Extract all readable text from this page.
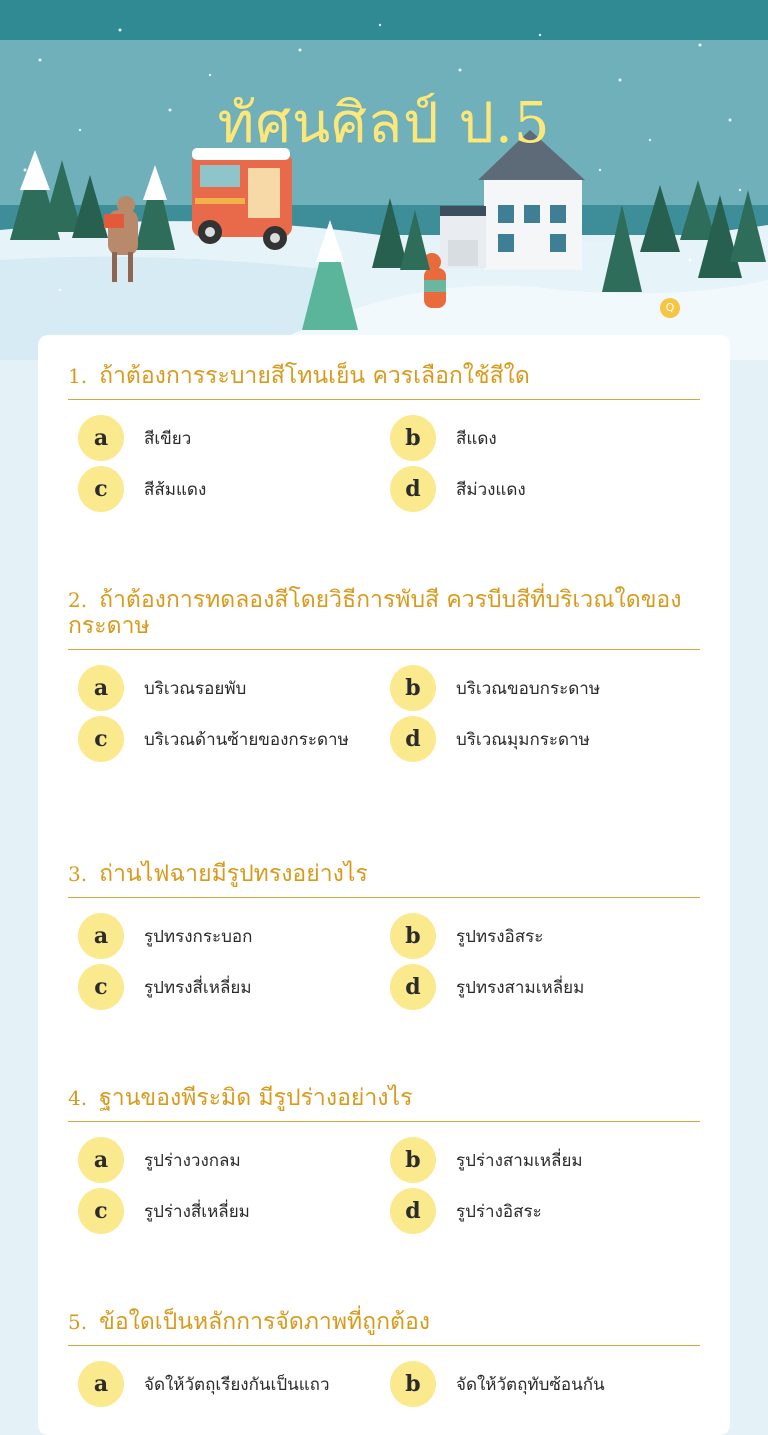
ทัศนศิลป์ ป.5
Q
1. ถ้าต้องการระบายสีโทนเย็น ควรเลือกใช้สีใด
a	สีเขียว	b	สีแดง
c	สีส้มแดง	d	สีม่วงแดง
2. ถ้าต้องการทดลองสีโดยวิธีการพับสี ควรบีบสีที่บริเวณใดของกระดาษ
a	บริเวณรอยพับ	b	บริเวณขอบกระดาษ
c	บริเวณด้านซ้ายของกระดาษ	d	บริเวณมุมกระดาษ
3. ถ่านไฟฉายมีรูปทรงอย่างไร
a	รูปทรงกระบอก	b	รูปทรงอิสระ
c	รูปทรงสี่เหลี่ยม	d	รูปทรงสามเหลี่ยม
4. ฐานของพีระมิด มีรูปร่างอย่างไร
a	รูปร่างวงกลม	b	รูปร่างสามเหลี่ยม
c	รูปร่างสี่เหลี่ยม	d	รูปร่างอิสระ
5. ข้อใดเป็นหลักการจัดภาพที่ถูกต้อง
a	จัดให้วัตถุเรียงกันเป็นแถว	b	จัดให้วัตถุทับซ้อนกัน
